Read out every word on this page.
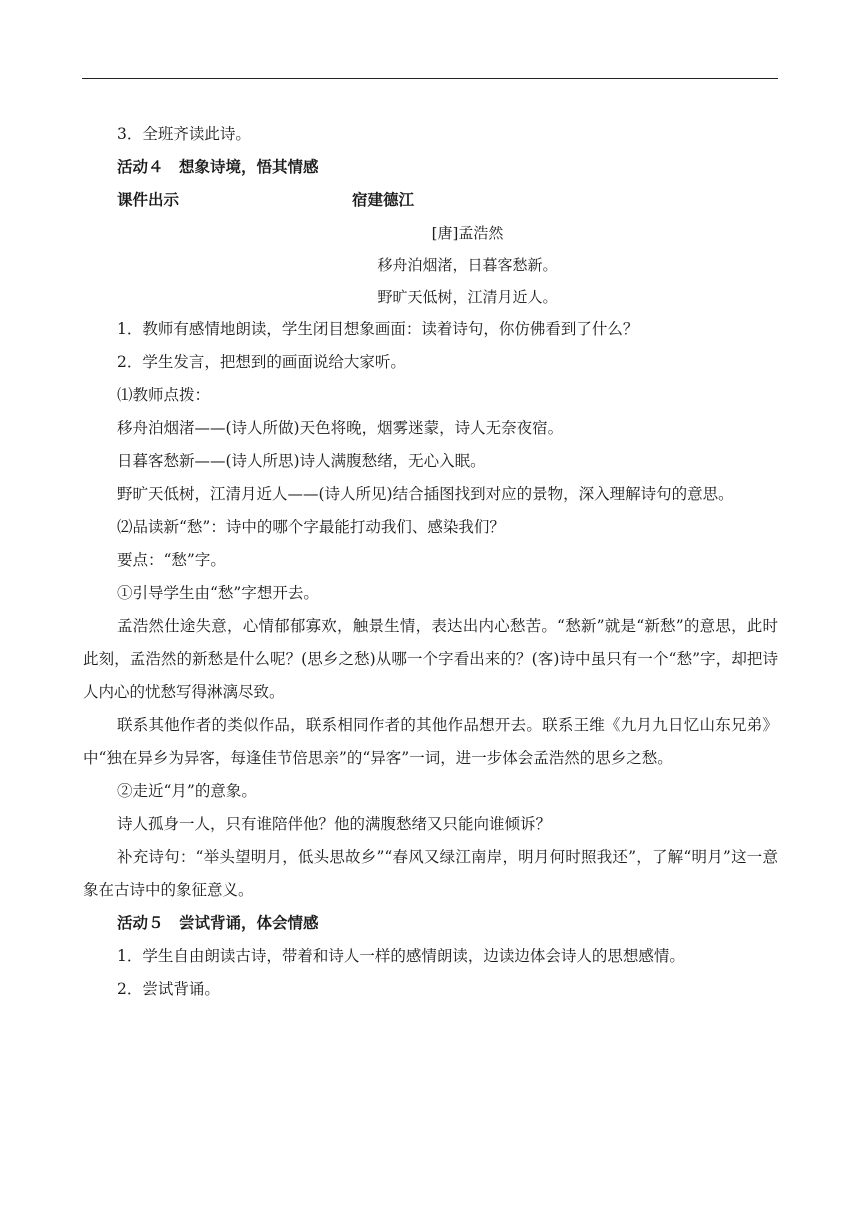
3．全班齐读此诗。
活动４　想象诗境，悟其情感
课件出示	宿建德江
[唐]孟浩然
移舟泊烟渚，日暮客愁新。
野旷天低树，江清月近人。
1．教师有感情地朗读，学生闭目想象画面：读着诗句，你仿佛看到了什么？
2．学生发言，把想到的画面说给大家听。
⑴教师点拨：
移舟泊烟渚——(诗人所做)天色将晚，烟雾迷蒙，诗人无奈夜宿。
日暮客愁新——(诗人所思)诗人满腹愁绪，无心入眠。
野旷天低树，江清月近人——(诗人所见)结合插图找到对应的景物，深入理解诗句的意思。
⑵品读新“愁”：诗中的哪个字最能打动我们、感染我们？
要点：“愁”字。
①引导学生由“愁”字想开去。
孟浩然仕途失意，心情郁郁寡欢，触景生情，表达出内心愁苦。“愁新”就是“新愁”的意思，此时此刻，孟浩然的新愁是什么呢？(思乡之愁)从哪一个字看出来的？(客)诗中虽只有一个“愁”字，却把诗人内心的忧愁写得淋漓尽致。
联系其他作者的类似作品，联系相同作者的其他作品想开去。联系王维《九月九日忆山东兄弟》中“独在异乡为异客，每逢佳节倍思亲”的“异客”一词，进一步体会孟浩然的思乡之愁。
②走近“月”的意象。
诗人孤身一人，只有谁陪伴他？他的满腹愁绪又只能向谁倾诉？
补充诗句：“举头望明月，低头思故乡”“春风又绿江南岸，明月何时照我还”，了解“明月”这一意象在古诗中的象征意义。
活动５　尝试背诵，体会情感
1．学生自由朗读古诗，带着和诗人一样的感情朗读，边读边体会诗人的思想感情。
2．尝试背诵。
